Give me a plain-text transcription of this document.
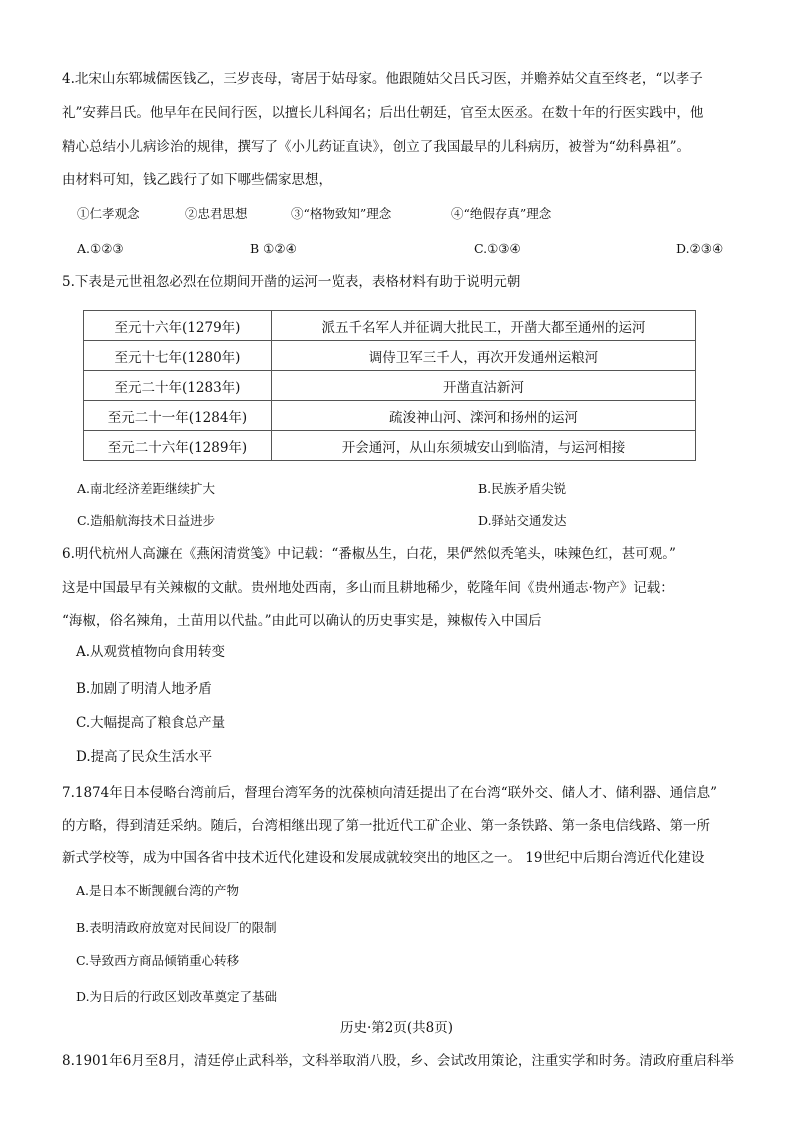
4.北宋山东郓城儒医钱乙，三岁丧母，寄居于姑母家。他跟随姑父吕氏习医，并赡养姑父直至终老，“以孝子
礼”安葬吕氏。他早年在民间行医，以擅长儿科闻名；后出仕朝廷，官至太医丞。在数十年的行医实践中，他
精心总结小儿病诊治的规律，撰写了《小儿药证直诀》，创立了我国最早的儿科病历，被誉为“幼科鼻祖”。
由材料可知，钱乙践行了如下哪些儒家思想，
①仁孝观念	②忠君思想	③“格物致知”理念	④“绝假存真”理念
A.①②③	B ①②④	C.①③④	D.②③④
5.下表是元世祖忽必烈在位期间开凿的运河一览表，表格材料有助于说明元朝
至元十六年(1279年)	派五千名军人并征调大批民工，开凿大都至通州的运河
至元十七年(1280年)	调侍卫军三千人，再次开发通州运粮河
至元二十年(1283年)	开凿直沽新河
至元二十一年(1284年)	疏浚神山河、滦河和扬州的运河
至元二十六年(1289年)	开会通河，从山东须城安山到临清，与运河相接
A.南北经济差距继续扩大	B.民族矛盾尖锐
C.造船航海技术日益进步	D.驿站交通发达
6.明代杭州人高濂在《燕闲清赏笺》中记载：“番椒丛生，白花，果俨然似秃笔头，味辣色红，甚可观。”
这是中国最早有关辣椒的文献。贵州地处西南，多山而且耕地稀少，乾隆年间《贵州通志·物产》记载：
“海椒，俗名辣角，土苗用以代盐。”由此可以确认的历史事实是，辣椒传入中国后
A.从观赏植物向食用转变
B.加剧了明清人地矛盾
C.大幅提高了粮食总产量
D.提高了民众生活水平
7.1874年日本侵略台湾前后，督理台湾军务的沈葆桢向清廷提出了在台湾“联外交、储人才、储利器、通信息”
的方略，得到清廷采纳。随后，台湾相继出现了第一批近代工矿企业、第一条铁路、第一条电信线路、第一所
新式学校等，成为中国各省中技术近代化建设和发展成就较突出的地区之一。 19世纪中后期台湾近代化建设
A.是日本不断觊觎台湾的产物
B.表明清政府放宽对民间设厂的限制
C.导致西方商品倾销重心转移
D.为日后的行政区划改革奠定了基础
历史·第2页(共8页)
8.1901年6月至8月，清廷停止武科举，文科举取消八股，乡、会试改用策论，注重实学和时务。清政府重启科举
